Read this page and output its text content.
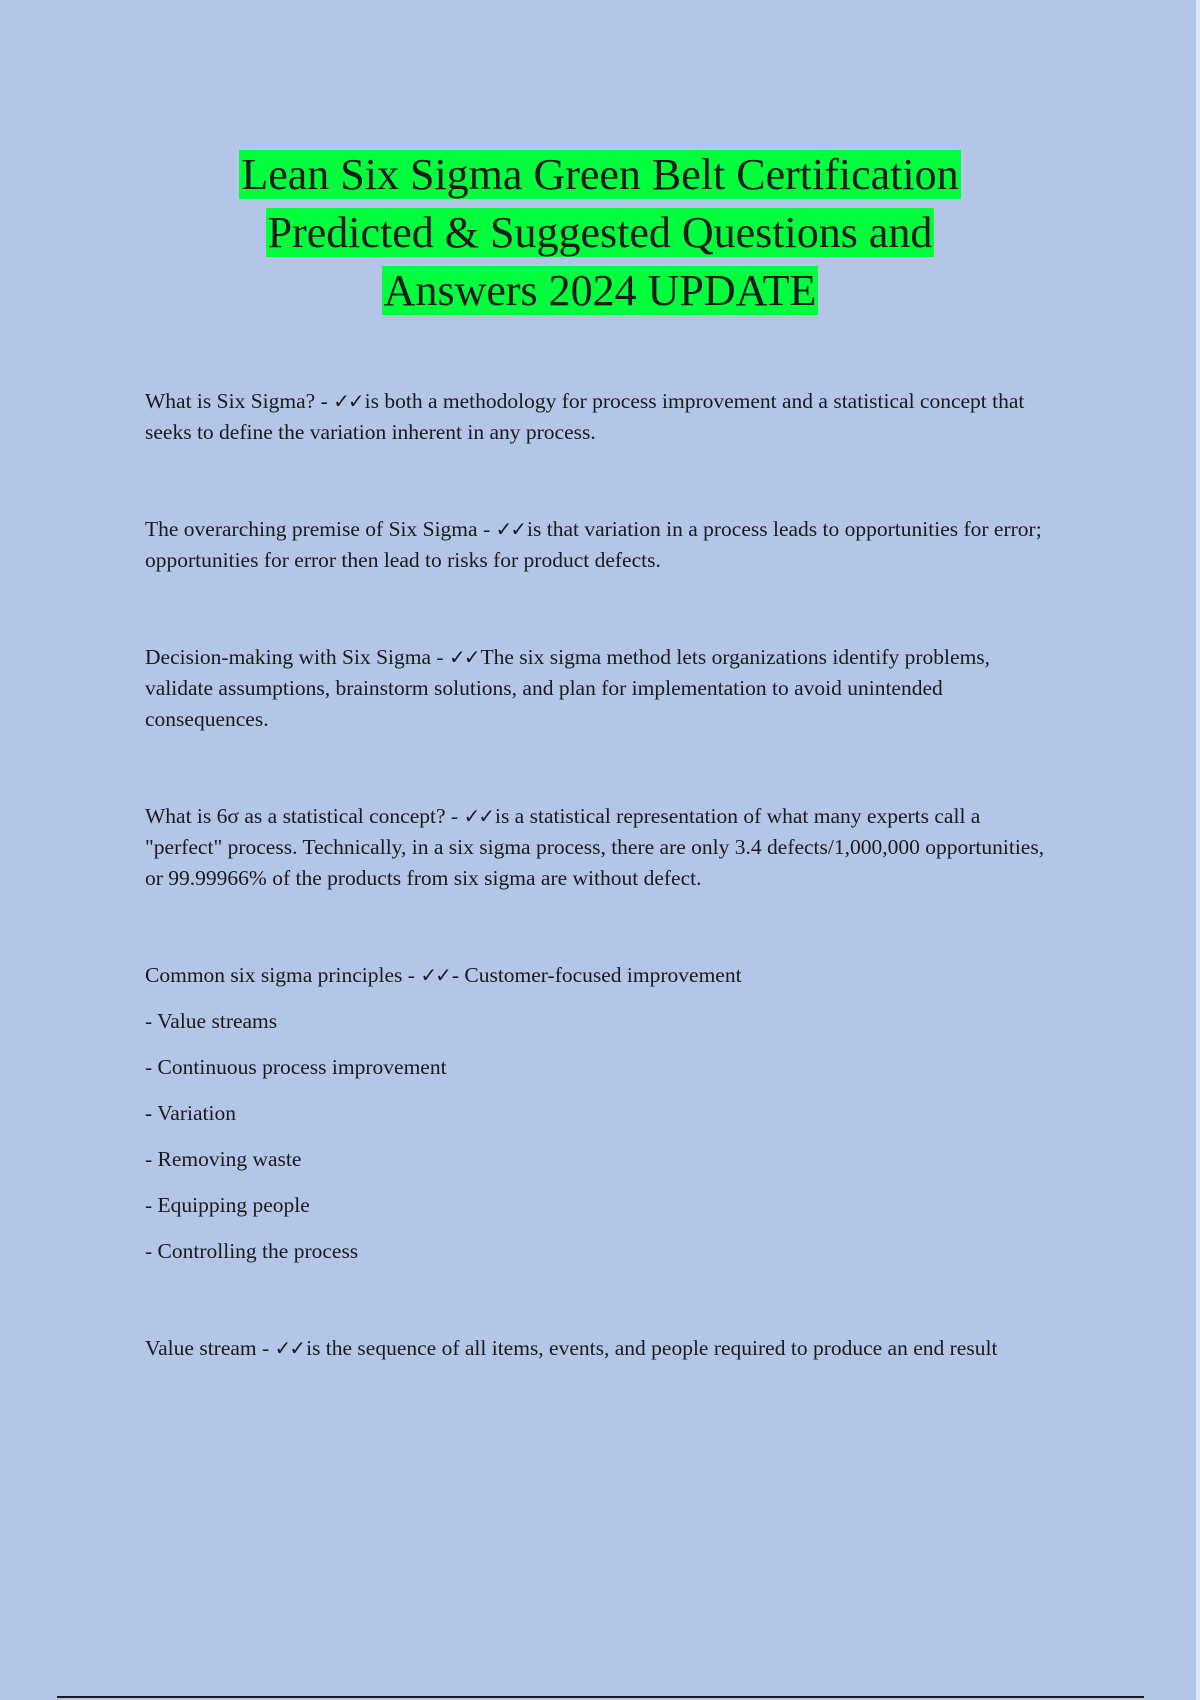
Lean Six Sigma Green Belt Certification
Predicted & Suggested Questions and
Answers 2024 UPDATE

What is Six Sigma? - ✓✓is both a methodology for process improvement and a statistical concept that seeks to define the variation inherent in any process.

The overarching premise of Six Sigma - ✓✓is that variation in a process leads to opportunities for error; opportunities for error then lead to risks for product defects.

Decision-making with Six Sigma - ✓✓The six sigma method lets organizations identify problems, validate assumptions, brainstorm solutions, and plan for implementation to avoid unintended consequences.

What is 6σ as a statistical concept? - ✓✓is a statistical representation of what many experts call a "perfect" process. Technically, in a six sigma process, there are only 3.4 defects/1,000,000 opportunities, or 99.99966% of the products from six sigma are without defect.

Common six sigma principles - ✓✓- Customer-focused improvement

- Value streams
- Continuous process improvement
- Variation
- Removing waste
- Equipping people
- Controlling the process

Value stream - ✓✓is the sequence of all items, events, and people required to produce an end result
